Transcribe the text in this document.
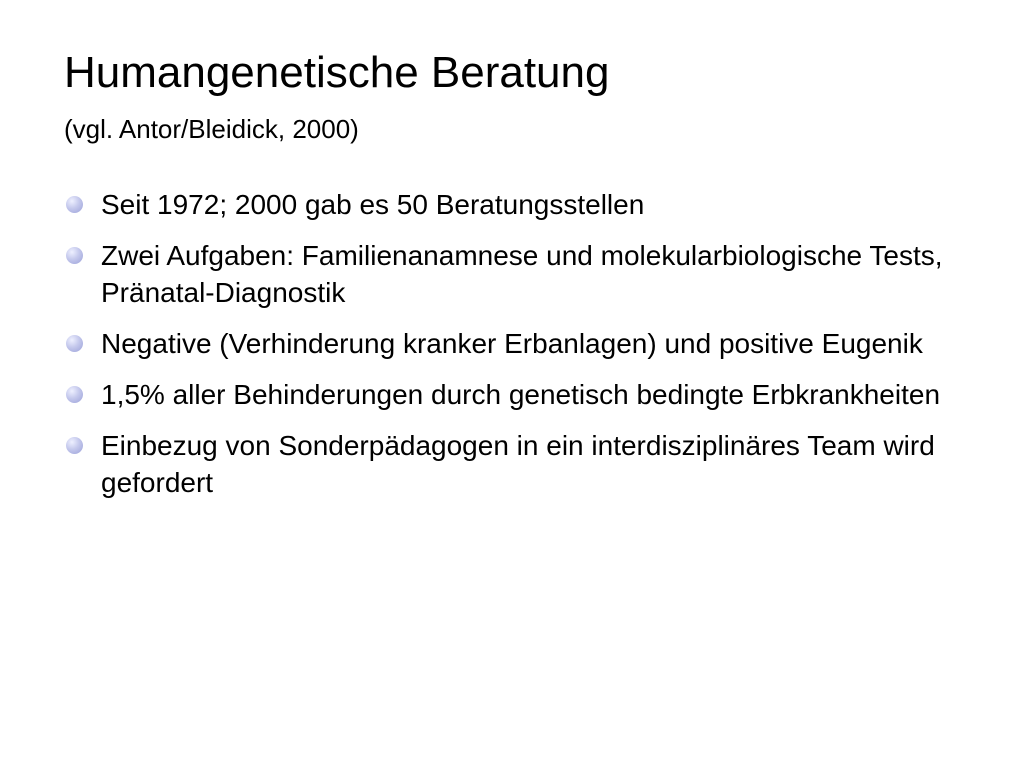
Humangenetische Beratung
(vgl. Antor/Bleidick, 2000)
Seit 1972; 2000 gab es 50 Beratungsstellen
Zwei Aufgaben: Familienanamnese und molekularbiologische Tests, Pränatal-Diagnostik
Negative (Verhinderung kranker Erbanlagen) und positive Eugenik
1,5% aller Behinderungen durch genetisch bedingte Erbkrankheiten
Einbezug von Sonderpädagogen in ein interdisziplinäres Team wird gefordert
